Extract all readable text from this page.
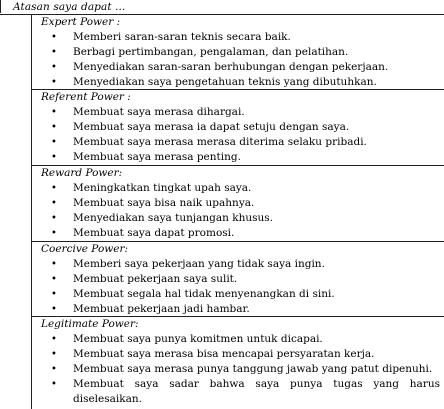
Atasan saya dapat ...
Expert Power :
• Memberi saran-saran teknis secara baik.
• Berbagi pertimbangan, pengalaman, dan pelatihan.
• Menyediakan saran-saran berhubungan dengan pekerjaan.
• Menyediakan saya pengetahuan teknis yang dibutuhkan.
Referent Power :
• Membuat saya merasa dihargai.
• Membuat saya merasa ia dapat setuju dengan saya.
• Membuat saya merasa merasa diterima selaku pribadi.
• Membuat saya merasa penting.
Reward Power:
• Meningkatkan tingkat upah saya.
• Membuat saya bisa naik upahnya.
• Menyediakan saya tunjangan khusus.
• Membuat saya dapat promosi.
Coercive Power:
• Memberi saya pekerjaan yang tidak saya ingin.
• Membuat pekerjaan saya sulit.
• Membuat segala hal tidak menyenangkan di sini.
• Membuat pekerjaan jadi hambar.
Legitimate Power:
• Membuat saya punya komitmen untuk dicapai.
• Membuat saya merasa bisa mencapai persyaratan kerja.
• Membuat saya merasa punya tanggung jawab yang patut dipenuhi.
• Membuat saya sadar bahwa saya punya tugas yang harus diselesaikan.
